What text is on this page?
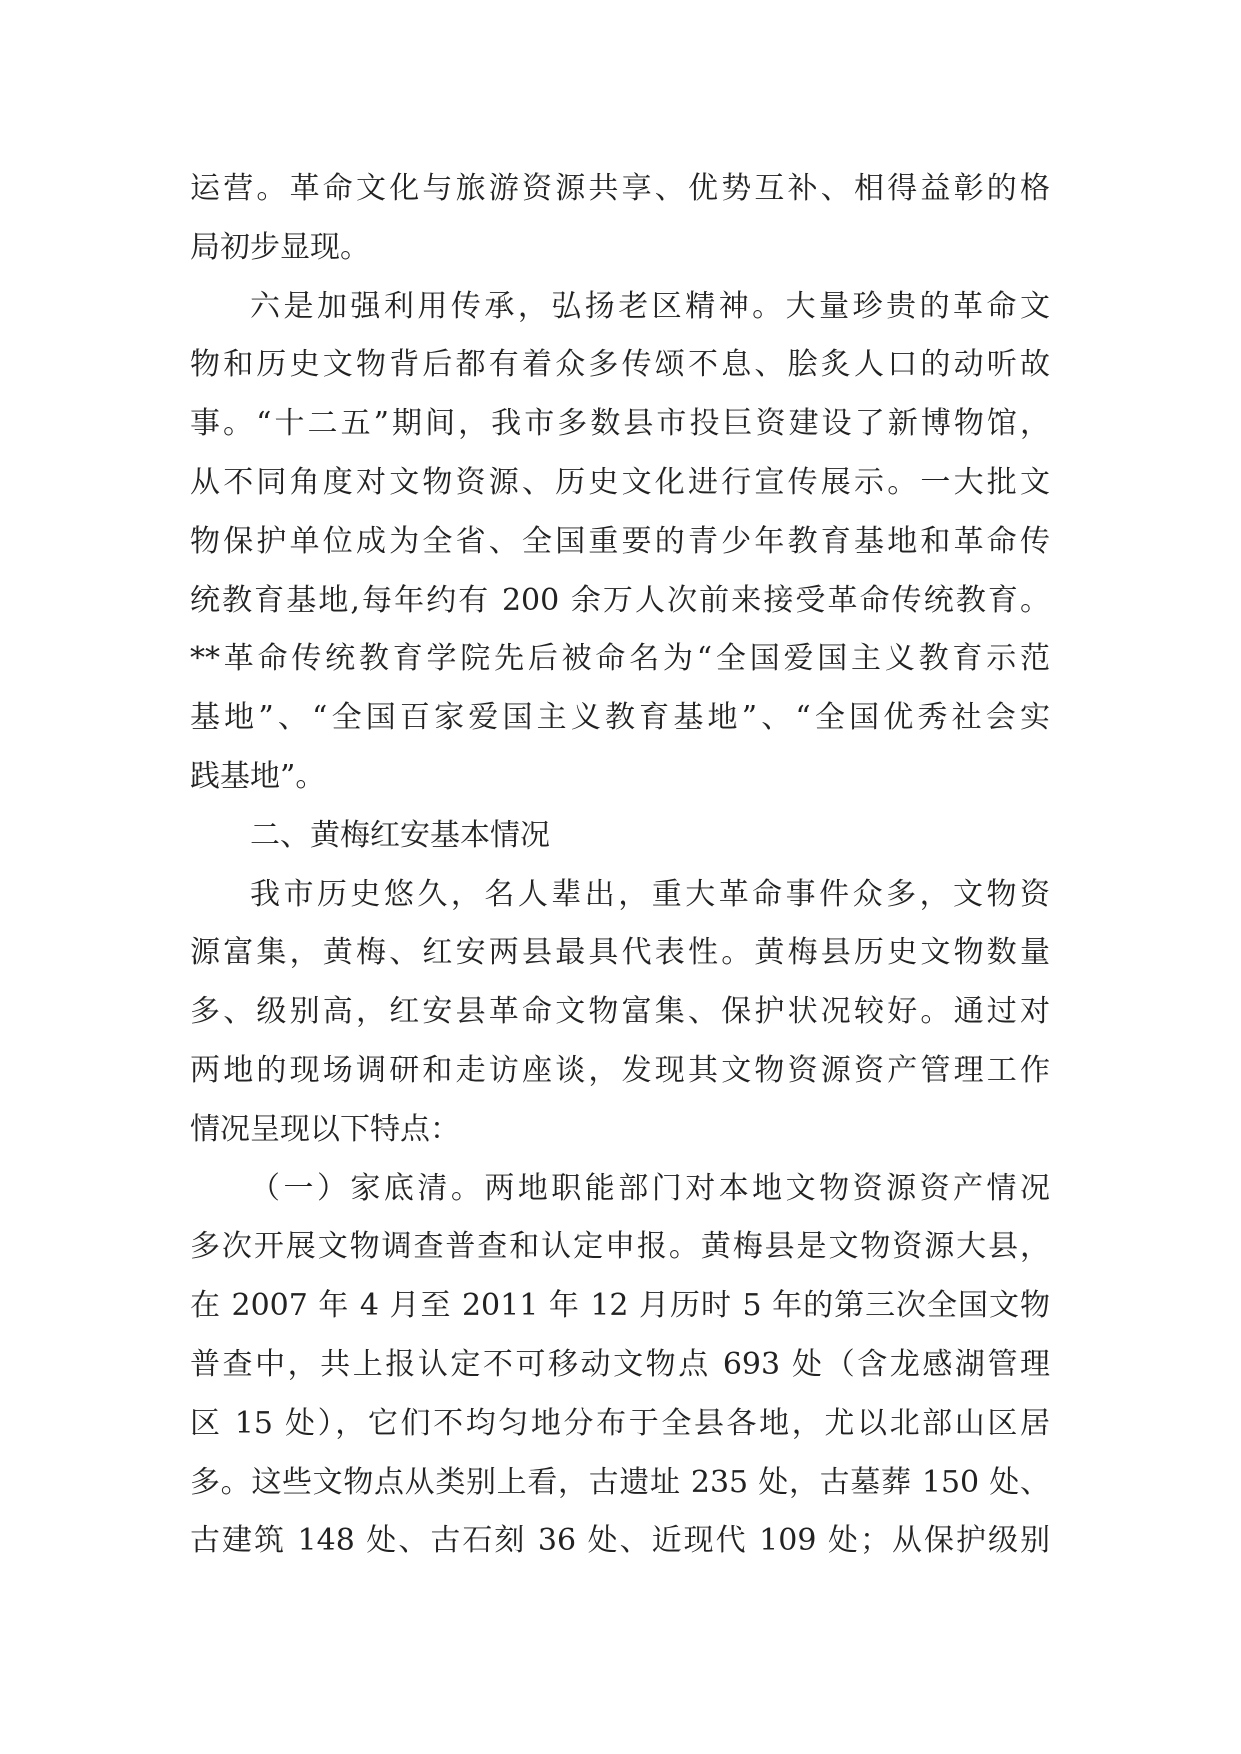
运营。革命文化与旅游资源共享、优势互补、相得益彰的格
局初步显现。
六是加强利用传承，弘扬老区精神。大量珍贵的革命文
物和历史文物背后都有着众多传颂不息、脍炙人口的动听故
事。“十二五”期间，我市多数县市投巨资建设了新博物馆，
从不同角度对文物资源、历史文化进行宣传展示。一大批文
物保护单位成为全省、全国重要的青少年教育基地和革命传
统教育基地,每年约有 200 余万人次前来接受革命传统教育。
**革命传统教育学院先后被命名为“全国爱国主义教育示范
基地”、“全国百家爱国主义教育基地”、“全国优秀社会实
践基地”。
二、黄梅红安基本情况
我市历史悠久，名人辈出，重大革命事件众多，文物资
源富集，黄梅、红安两县最具代表性。黄梅县历史文物数量
多、级别高，红安县革命文物富集、保护状况较好。通过对
两地的现场调研和走访座谈，发现其文物资源资产管理工作
情况呈现以下特点：
（一）家底清。两地职能部门对本地文物资源资产情况
多次开展文物调查普查和认定申报。黄梅县是文物资源大县，
在 2007 年 4 月至 2011 年 12 月历时 5 年的第三次全国文物
普查中，共上报认定不可移动文物点 693 处（含龙感湖管理
区 15 处），它们不均匀地分布于全县各地，尤以北部山区居
多。这些文物点从类别上看，古遗址 235 处，古墓葬 150 处、
古建筑 148 处、古石刻 36 处、近现代 109 处；从保护级别
